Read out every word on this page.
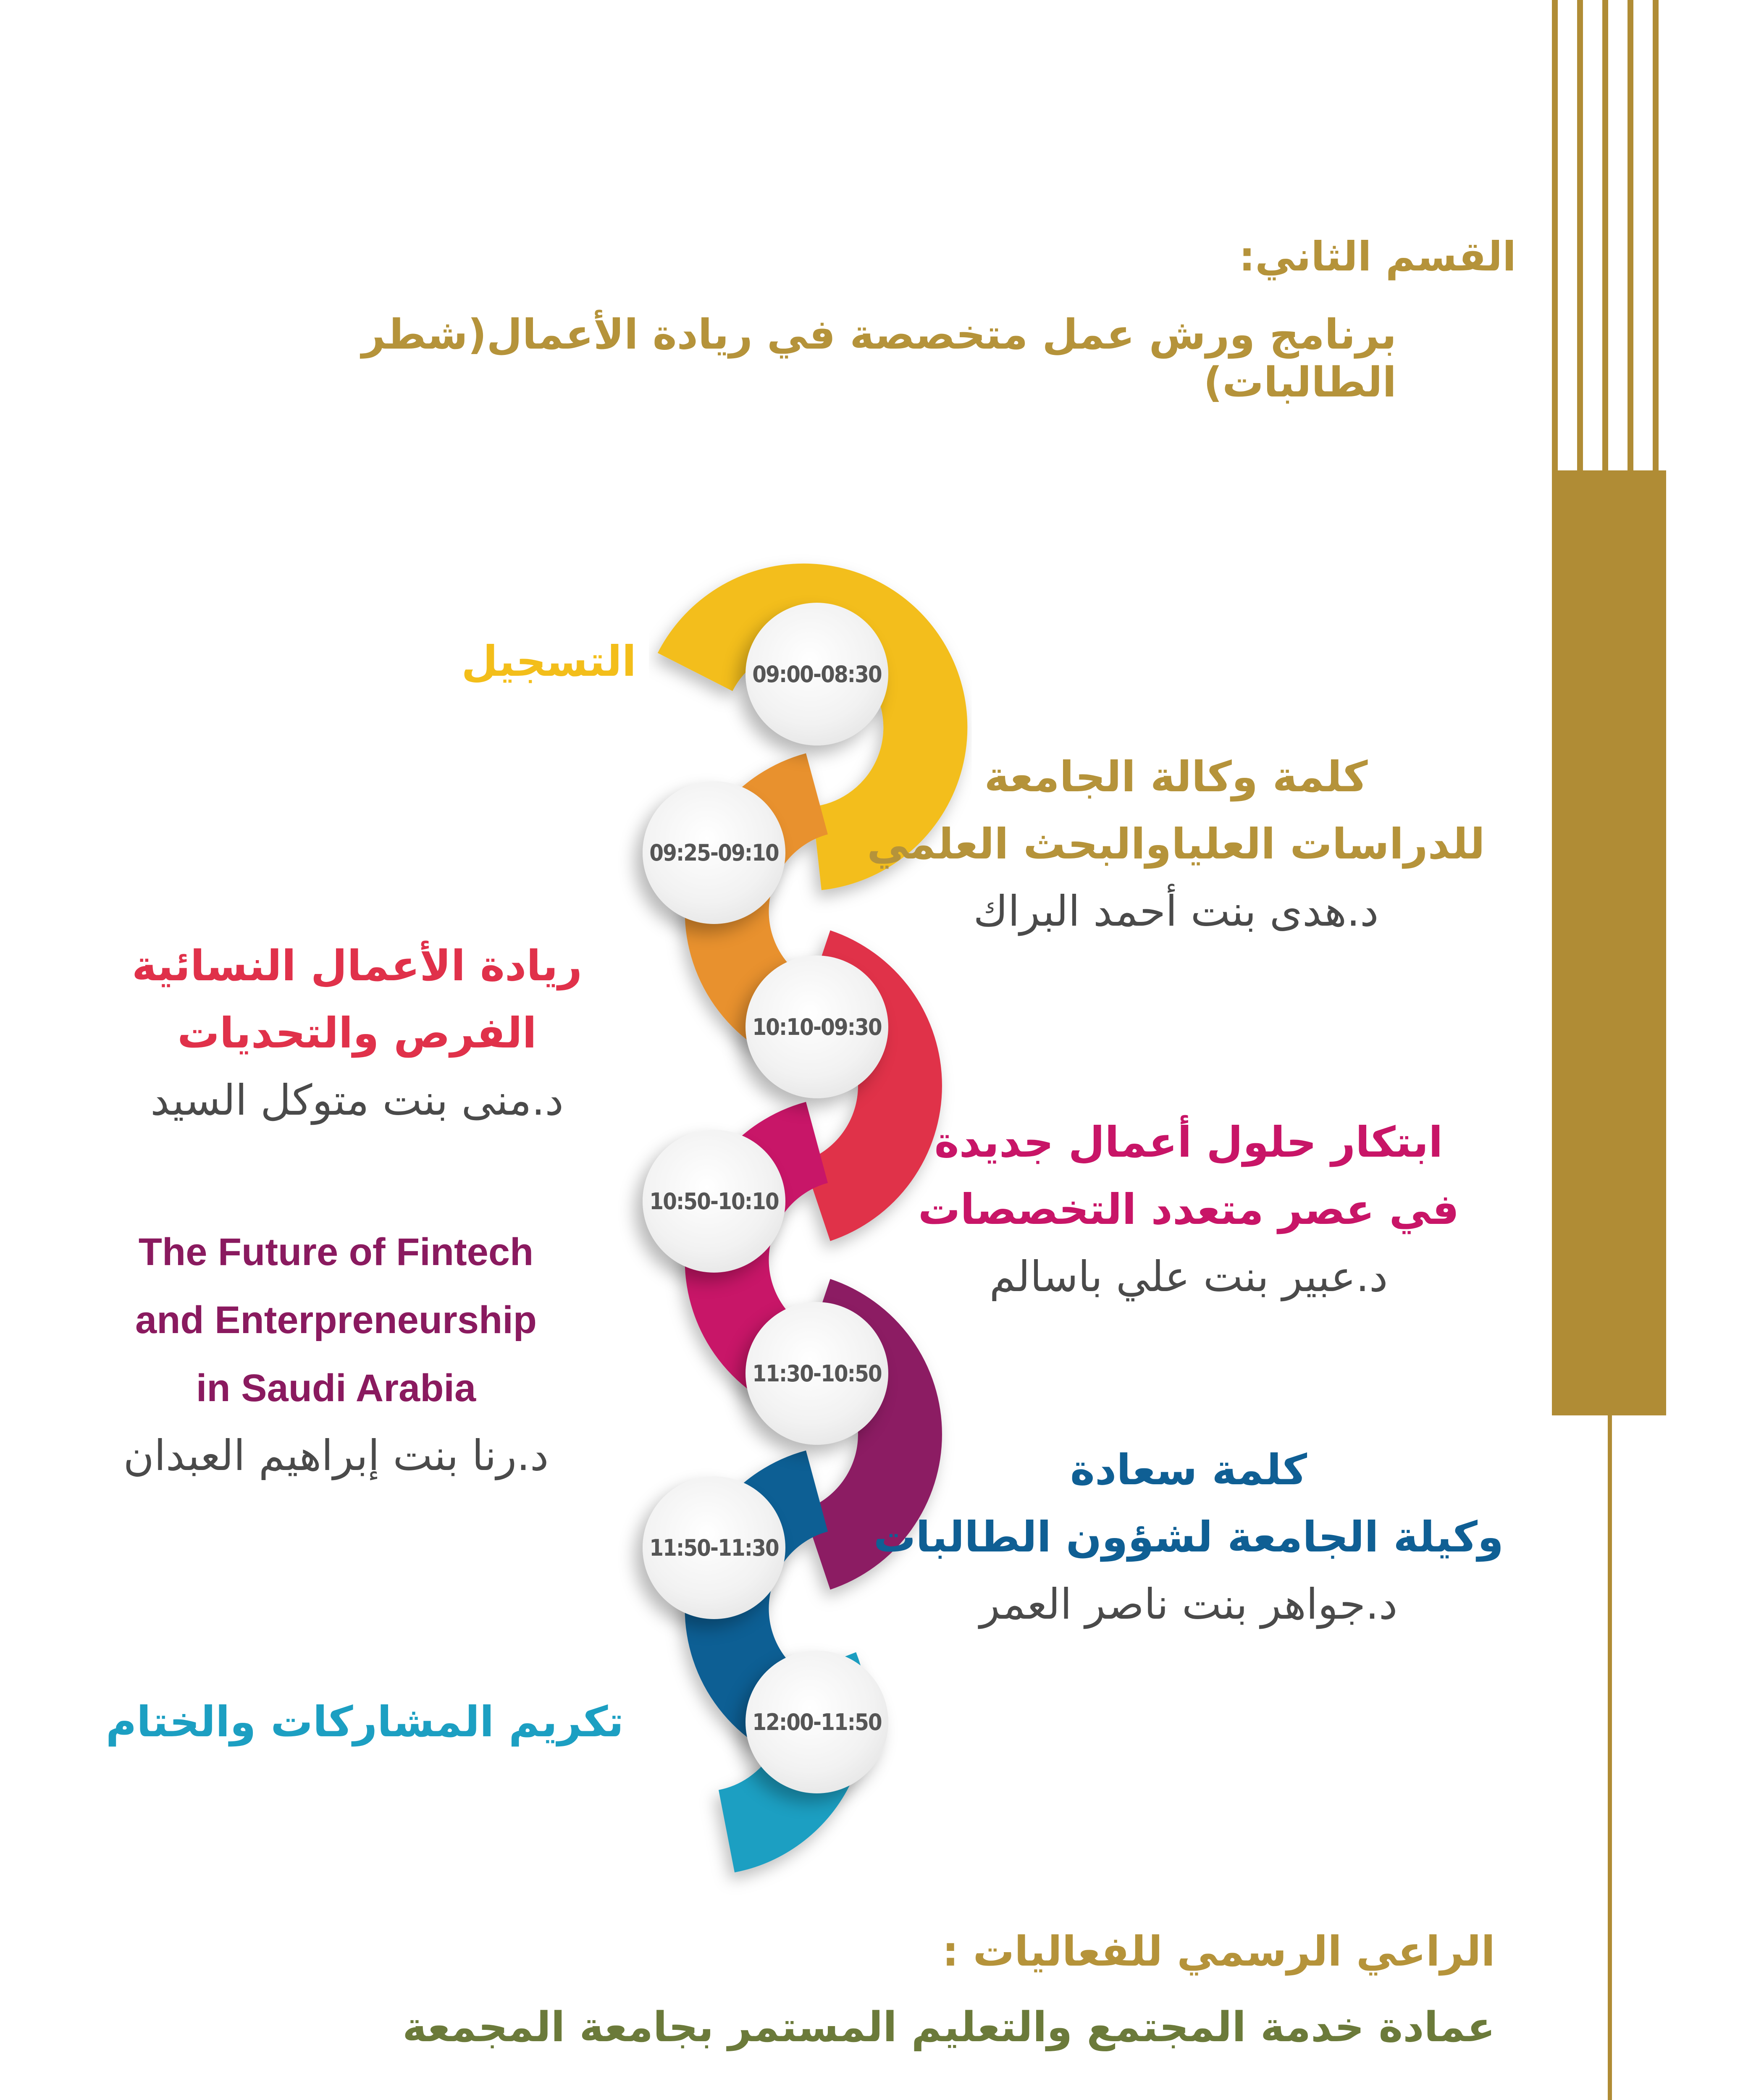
القسم الثاني:
برنامج ورش عمل متخصصة في ريادة الأعمال(شطر الطالبات)
09:00-08:30
09:25-09:10
10:10-09:30
10:50-10:10
11:30-10:50
11:50-11:30
12:00-11:50
التسجيل
كلمة وكالة الجامعة
للدراسات العلياوالبحث العلمي
د.هدى بنت أحمد البراك
ريادة الأعمال النسائية
الفرص والتحديات
د.منى بنت متوكل السيد
ابتكار حلول أعمال جديدة
في عصر متعدد التخصصات
د.عبير بنت علي باسالم
The Future of Fintech
and Enterpreneurship
in Saudi Arabia
د.رنا بنت إبراهيم العبدان	كلمة سعادة
وكيلة الجامعة لشؤون الطالبات
د.جواهر بنت ناصر العمر
تكريم المشاركات والختام
الراعي الرسمي للفعاليات :
عمادة خدمة المجتمع والتعليم المستمر بجامعة المجمعة
